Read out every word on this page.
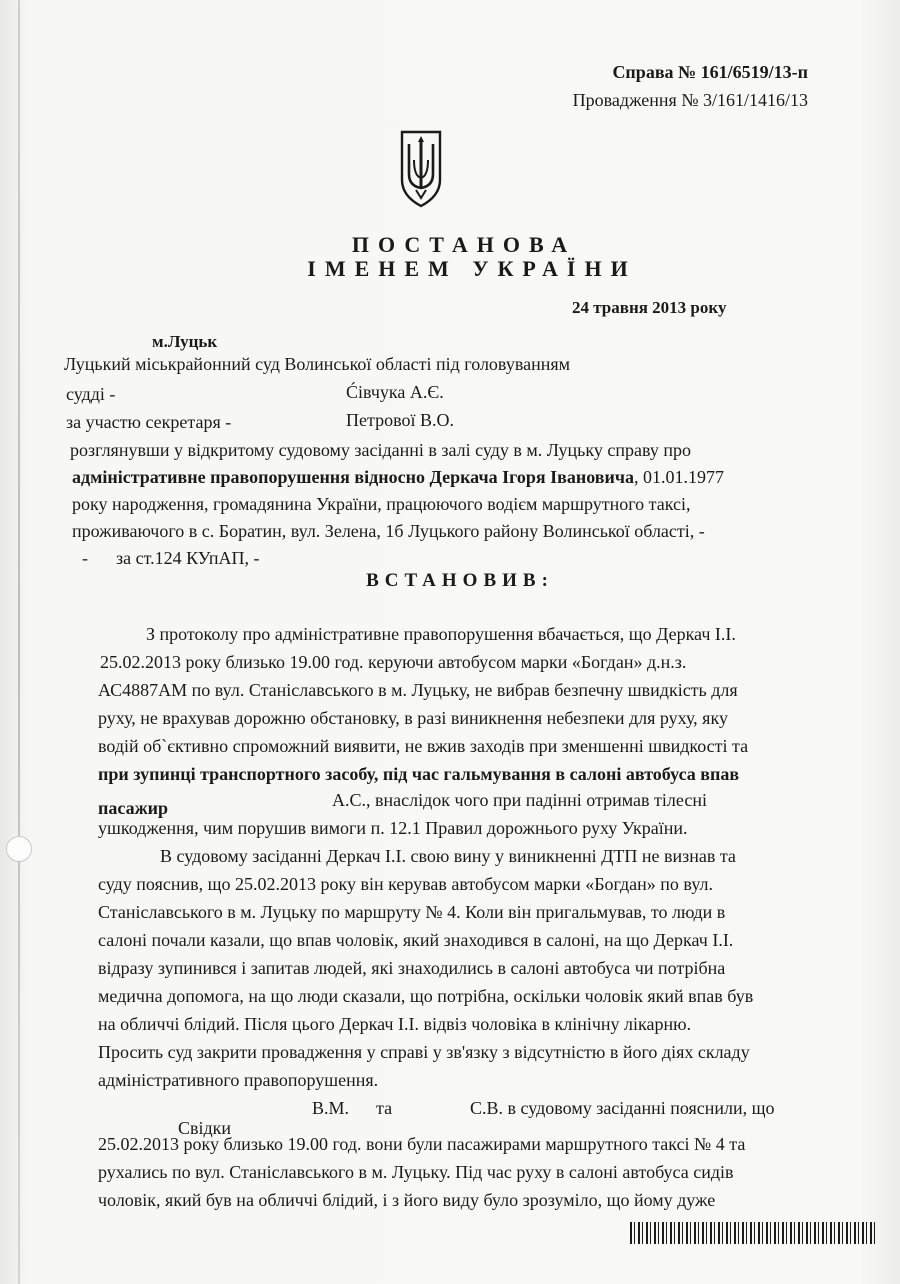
Справа № 161/6519/13-п
Провадження № 3/161/1416/13
ПОСТАНОВА
ІМЕНЕМ УКРАЇНИ
24 травня 2013 року
м.Луцьк
Луцький міськрайонний суд Волинської області під головуванням
судді -	Ćівчука А.Є.
за участю секретаря -	Петрової В.О.
розглянувши у відкритому судовому засіданні в залі суду в м. Луцьку справу про
адміністративне правопорушення відносно Деркача Ігоря Івановича, 01.01.1977
року народження, громадянина України, працюючого водієм маршрутного таксі,
проживаючого в с. Боратин, вул. Зелена, 1б Луцького району Волинської області, -
- за ст.124 КУпАП, -
ВСТАНОВИВ:
З протоколу про адміністративне правопорушення вбачається, що Деркач І.І.
25.02.2013 року близько 19.00 год. керуючи автобусом марки «Богдан» д.н.з.
АС4887АМ по вул. Станіславського в м. Луцьку, не вибрав безпечну швидкість для
руху, не врахував дорожню обстановку, в разі виникнення небезпеки для руху, яку
водій об`єктивно спроможний виявити, не вжив заходів при зменшенні швидкості та
при зупинці транспортного засобу, під час гальмування в салоні автобуса впав
пасажир	А.С., внаслідок чого при падінні отримав тілесні
ушкодження, чим порушив вимоги п. 12.1 Правил дорожнього руху України.
В судовому засіданні Деркач І.І. свою вину у виникненні ДТП не визнав та
суду пояснив, що 25.02.2013 року він керував автобусом марки «Богдан» по вул.
Станіславського в м. Луцьку по маршруту № 4. Коли він пригальмував, то люди в
салоні почали казали, що впав чоловік, який знаходився в салоні, на що Деркач І.І.
відразу зупинився і запитав людей, які знаходились в салоні автобуса чи потрібна
медична допомога, на що люди сказали, що потрібна, оскільки чоловік який впав був
на обличчі блідий. Після цього Деркач І.І. відвіз чоловіка в клінічну лікарню.
Просить суд закрити провадження у справі у зв'язку з відсутністю в його діях складу
адміністративного правопорушення.
В.М. та	С.В. в судовому засіданні пояснили, що
Свідки
25.02.2013 року близько 19.00 год. вони були пасажирами маршрутного таксі № 4 та
рухались по вул. Станіславського в м. Луцьку. Під час руху в салоні автобуса сидів
чоловік, який був на обличчі блідий, і з його виду було зрозуміло, що йому дуже
